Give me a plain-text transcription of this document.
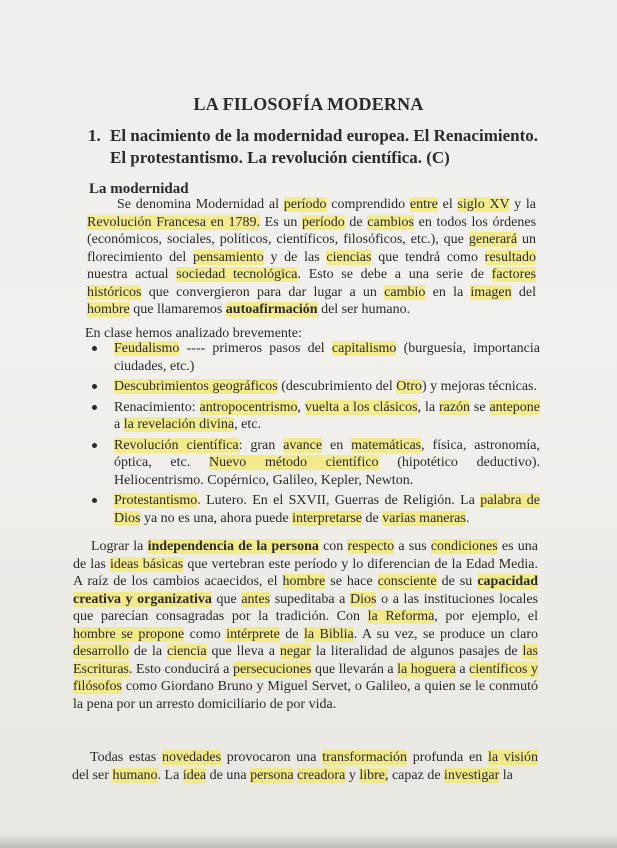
LA FILOSOFÍA MODERNA
1. El nacimiento de la modernidad europea. El Renacimiento.
El protestantismo. La revolución científica. (C)
La modernidad
Se denomina Modernidad al período comprendido entre el siglo XV y la Revolución Francesa en 1789. Es un período de cambios en todos los órdenes (económicos, sociales, políticos, científicos, filosóficos, etc.), que generará un florecimiento del pensamiento y de las ciencias que tendrá como resultado nuestra actual sociedad tecnológica. Esto se debe a una serie de factores históricos que convergieron para dar lugar a un cambio en la imagen del hombre que llamaremos autoafirmación del ser humano.
En clase hemos analizado brevemente:
Feudalismo ---- primeros pasos del capitalismo (burguesía, importancia ciudades, etc.)
Descubrimientos geográficos (descubrimiento del Otro) y mejoras técnicas.
Renacimiento: antropocentrismo, vuelta a los clásicos, la razón se antepone a la revelación divina, etc.
Revolución científica: gran avance en matemáticas, física, astronomía, óptica, etc. Nuevo método científico (hipotético deductivo). Heliocentrismo. Copérnico, Galileo, Kepler, Newton.
Protestantismo. Lutero. En el SXVII, Guerras de Religión. La palabra de Dios ya no es una, ahora puede interpretarse de varias maneras.
Lograr la independencia de la persona con respecto a sus condiciones es una de las ideas básicas que vertebran este período y lo diferencian de la Edad Media. A raíz de los cambios acaecidos, el hombre se hace consciente de su capacidad creativa y organizativa que antes supeditaba a Dios o a las instituciones locales que parecían consagradas por la tradición. Con la Reforma, por ejemplo, el hombre se propone como intérprete de la Biblia. A su vez, se produce un claro desarrollo de la ciencia que lleva a negar la literalidad de algunos pasajes de las Escrituras. Esto conducirá a persecuciones que llevarán a la hoguera a científicos y filósofos como Giordano Bruno y Miguel Servet, o Galileo, a quien se le conmutó la pena por un arresto domiciliario de por vida.
Todas estas novedades provocaron una transformación profunda en la visión del ser humano. La idea de una persona creadora y libre, capaz de investigar la
